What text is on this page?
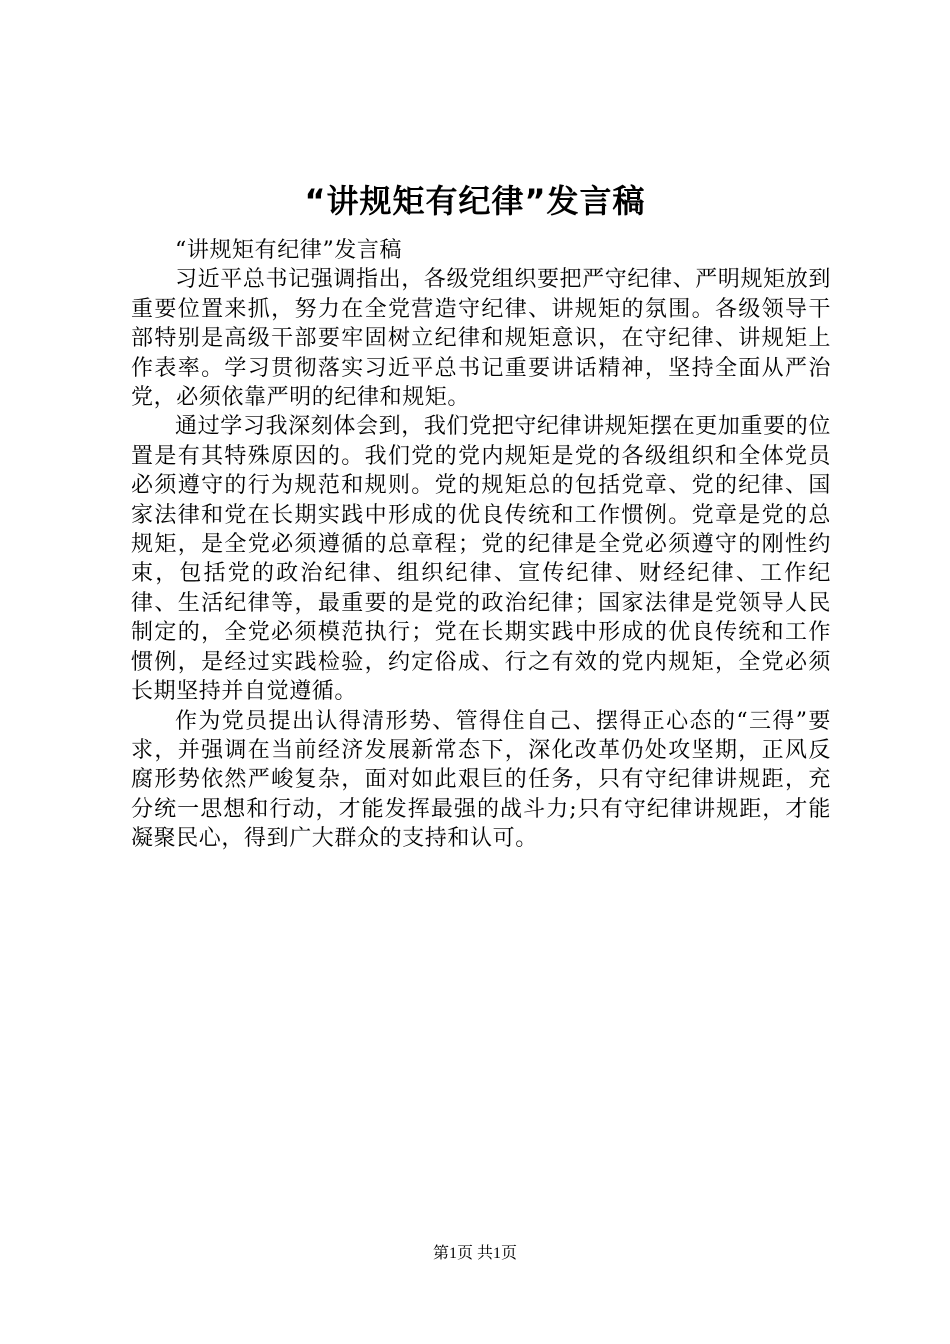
“讲规矩有纪律”发言稿

“讲规矩有纪律”发言稿

习近平总书记强调指出，各级党组织要把严守纪律、严明规矩放到重要位置来抓，努力在全党营造守纪律、讲规矩的氛围。各级领导干部特别是高级干部要牢固树立纪律和规矩意识，在守纪律、讲规矩上作表率。学习贯彻落实习近平总书记重要讲话精神，坚持全面从严治党，必须依靠严明的纪律和规矩。

通过学习我深刻体会到，我们党把守纪律讲规矩摆在更加重要的位置是有其特殊原因的。我们党的党内规矩是党的各级组织和全体党员必须遵守的行为规范和规则。党的规矩总的包括党章、党的纪律、国家法律和党在长期实践中形成的优良传统和工作惯例。党章是党的总规矩，是全党必须遵循的总章程；党的纪律是全党必须遵守的刚性约束，包括党的政治纪律、组织纪律、宣传纪律、财经纪律、工作纪律、生活纪律等，最重要的是党的政治纪律；国家法律是党领导人民制定的，全党必须模范执行；党在长期实践中形成的优良传统和工作惯例，是经过实践检验，约定俗成、行之有效的党内规矩，全党必须长期坚持并自觉遵循。

作为党员提出认得清形势、管得住自己、摆得正心态的“三得”要求，并强调在当前经济发展新常态下，深化改革仍处攻坚期，正风反腐形势依然严峻复杂，面对如此艰巨的任务，只有守纪律讲规距，充分统一思想和行动，才能发挥最强的战斗力;只有守纪律讲规距，才能凝聚民心，得到广大群众的支持和认可。

第1页 共1页
